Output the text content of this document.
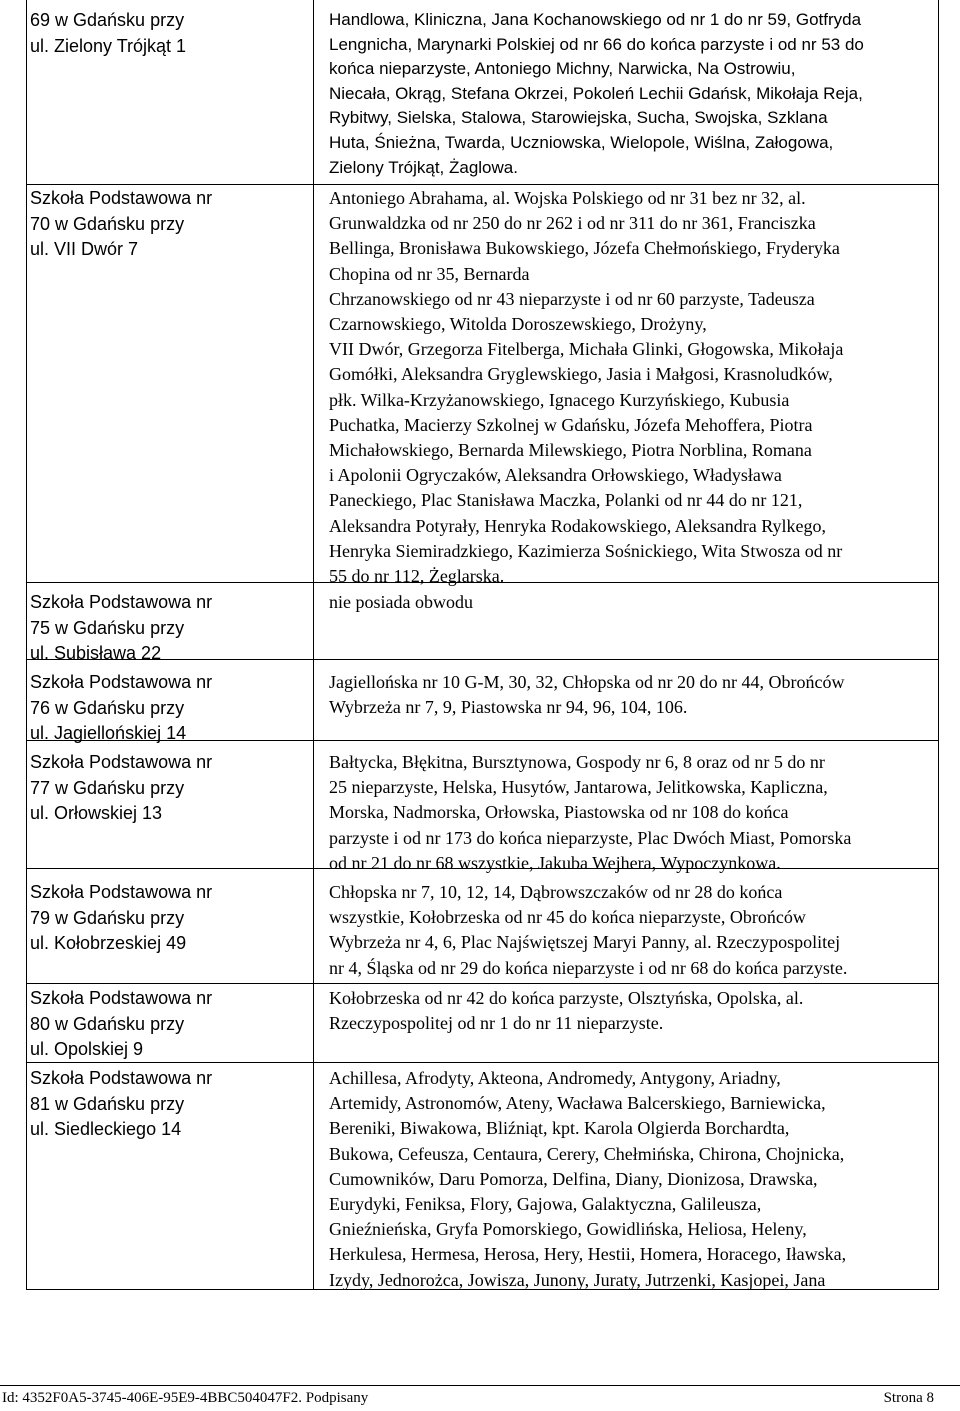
69 w Gdańsku przy
ul. Zielony Trójkąt 1
Handlowa, Kliniczna, Jana Kochanowskiego od nr 1 do nr 59, Gotfryda
Lengnicha, Marynarki Polskiej od nr 66 do końca parzyste i od nr 53 do
końca nieparzyste, Antoniego Michny, Narwicka, Na Ostrowiu,
Niecała, Okrąg, Stefana Okrzei, Pokoleń Lechii Gdańsk, Mikołaja Reja,
Rybitwy, Sielska, Stalowa, Starowiejska, Sucha, Swojska, Szklana
Huta, Śnieżna, Twarda, Uczniowska, Wielopole, Wiślna, Załogowa,
Zielony Trójkąt, Żaglowa.
Szkoła Podstawowa nr
70 w Gdańsku przy
ul. VII Dwór 7
Antoniego Abrahama, al. Wojska Polskiego od nr 31 bez nr 32, al.
Grunwaldzka od nr 250 do nr 262 i od nr 311 do nr 361, Franciszka
Bellinga, Bronisława Bukowskiego, Józefa Chełmońskiego, Fryderyka
Chopina od nr 35, Bernarda
Chrzanowskiego od nr 43 nieparzyste i od nr 60 parzyste, Tadeusza
Czarnowskiego, Witolda Doroszewskiego, Drożyny,
VII Dwór, Grzegorza Fitelberga, Michała Glinki, Głogowska, Mikołaja
Gomółki, Aleksandra Gryglewskiego, Jasia i Małgosi, Krasnoludków,
płk. Wilka-Krzyżanowskiego, Ignacego Kurzyńskiego, Kubusia
Puchatka, Macierzy Szkolnej w Gdańsku, Józefa Mehoffera, Piotra
Michałowskiego, Bernarda Milewskiego, Piotra Norblina, Romana
i Apolonii Ogryczaków, Aleksandra Orłowskiego, Władysława
Paneckiego, Plac Stanisława Maczka, Polanki od nr 44 do nr 121,
Aleksandra Potyrały, Henryka Rodakowskiego, Aleksandra Rylkego,
Henryka Siemiradzkiego, Kazimierza Sośnickiego, Wita Stwosza od nr
55 do nr 112, Żeglarska.
Szkoła Podstawowa nr
75 w Gdańsku przy
ul. Subisława 22
nie posiada obwodu
Szkoła Podstawowa nr
76 w Gdańsku przy
ul. Jagiellońskiej 14
Jagiellońska nr 10 G-M, 30, 32, Chłopska od nr 20 do nr 44, Obrońców
Wybrzeża nr 7, 9, Piastowska nr 94, 96, 104, 106.
Szkoła Podstawowa nr
77 w Gdańsku przy
ul. Orłowskiej 13
Bałtycka, Błękitna, Bursztynowa, Gospody nr 6, 8 oraz od nr 5 do nr
25 nieparzyste, Helska, Husytów, Jantarowa, Jelitkowska, Kapliczna,
Morska, Nadmorska, Orłowska, Piastowska od nr 108 do końca
parzyste i od nr 173 do końca nieparzyste, Plac Dwóch Miast, Pomorska
od nr 21 do nr 68 wszystkie, Jakuba Wejhera, Wypoczynkowa.
Szkoła Podstawowa nr
79 w Gdańsku przy
ul. Kołobrzeskiej 49
Chłopska nr 7, 10, 12, 14, Dąbrowszczaków od nr 28 do końca
wszystkie, Kołobrzeska od nr 45 do końca nieparzyste, Obrońców
Wybrzeża nr 4, 6, Plac Najświętszej Maryi Panny, al. Rzeczypospolitej
nr 4, Śląska od nr 29 do końca nieparzyste i od nr 68 do końca parzyste.
Szkoła Podstawowa nr
80 w Gdańsku przy
ul. Opolskiej 9
Kołobrzeska od nr 42 do końca parzyste, Olsztyńska, Opolska, al.
Rzeczypospolitej od nr 1 do nr 11 nieparzyste.
Szkoła Podstawowa nr
81 w Gdańsku przy
ul. Siedleckiego 14
Achillesa, Afrodyty, Akteona, Andromedy, Antygony, Ariadny,
Artemidy, Astronomów, Ateny, Wacława Balcerskiego, Barniewicka,
Bereniki, Biwakowa, Bliźniąt, kpt. Karola Olgierda Borchardta,
Bukowa, Cefeusza, Centaura, Cerery, Chełmińska, Chirona, Chojnicka,
Cumowników, Daru Pomorza, Delfina, Diany, Dionizosa, Drawska,
Eurydyki, Feniksa, Flory, Gajowa, Galaktyczna, Galileusza,
Gnieźnieńska, Gryfa Pomorskiego, Gowidlińska, Heliosa, Heleny,
Herkulesa, Hermesa, Herosa, Hery, Hestii, Homera, Horacego, Iławska,
Izydy, Jednorożca, Jowisza, Junony, Juraty, Jutrzenki, Kasjopei, Jana
Id: 4352F0A5-3745-406E-95E9-4BBC504047F2. Podpisany	Strona 8
